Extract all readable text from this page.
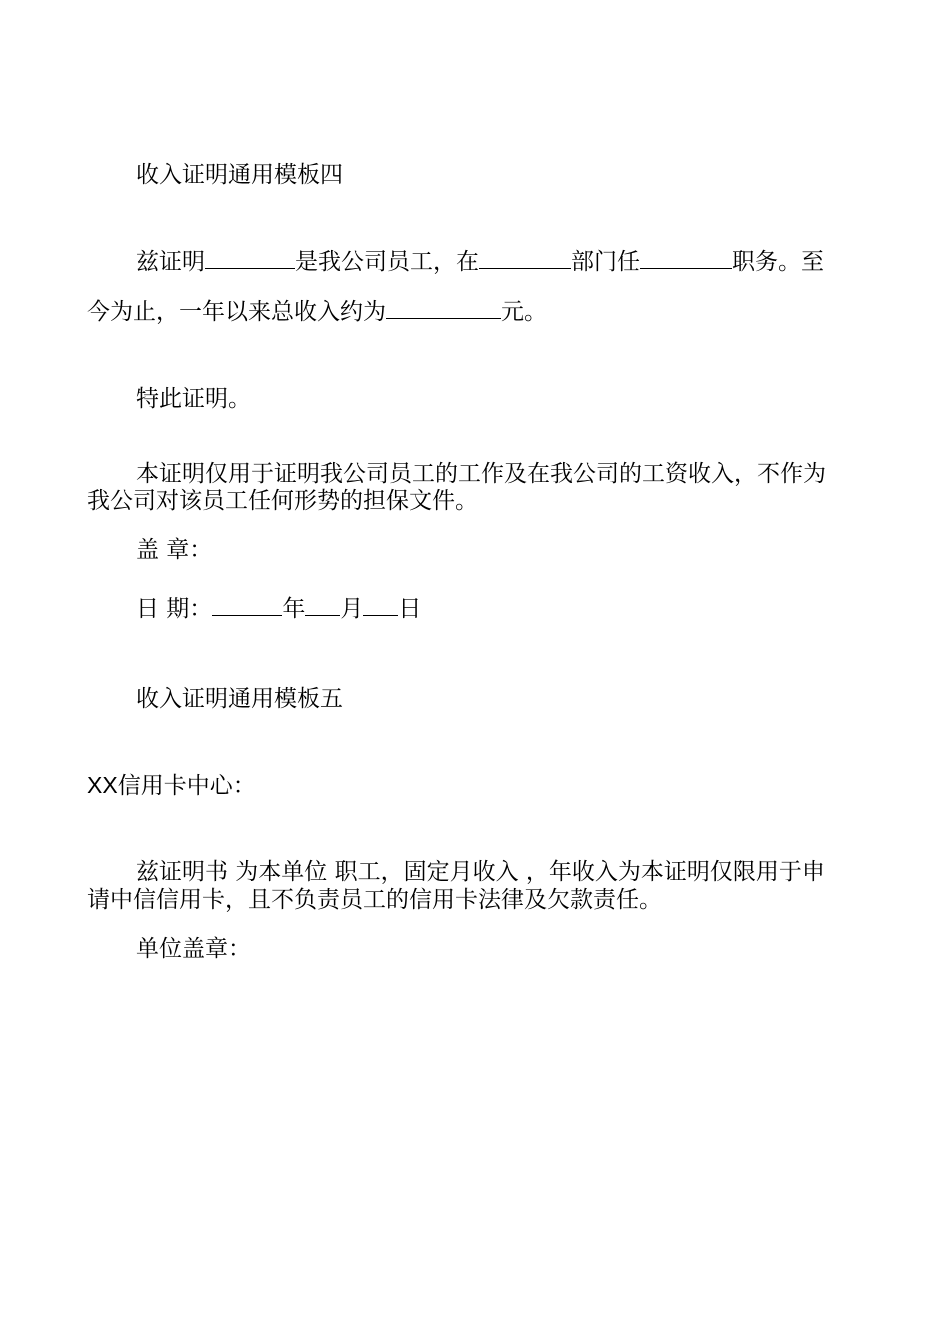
收入证明通用模板四
兹证明	是我公司员工，在	部门任	职务。至
今为止，一年以来总收入约为	元。
特此证明。
本证明仅用于证明我公司员工的工作及在我公司的工资收入，不作为
我公司对该员工任何形势的担保文件。
盖 章：
日 期：	年 月 日
收入证明通用模板五
XX信用卡中心：
兹证明书 为本单位 职工，固定月收入 ，年收入为本证明仅限用于申
请中信信用卡，且不负责员工的信用卡法律及欠款责任。
单位盖章：
